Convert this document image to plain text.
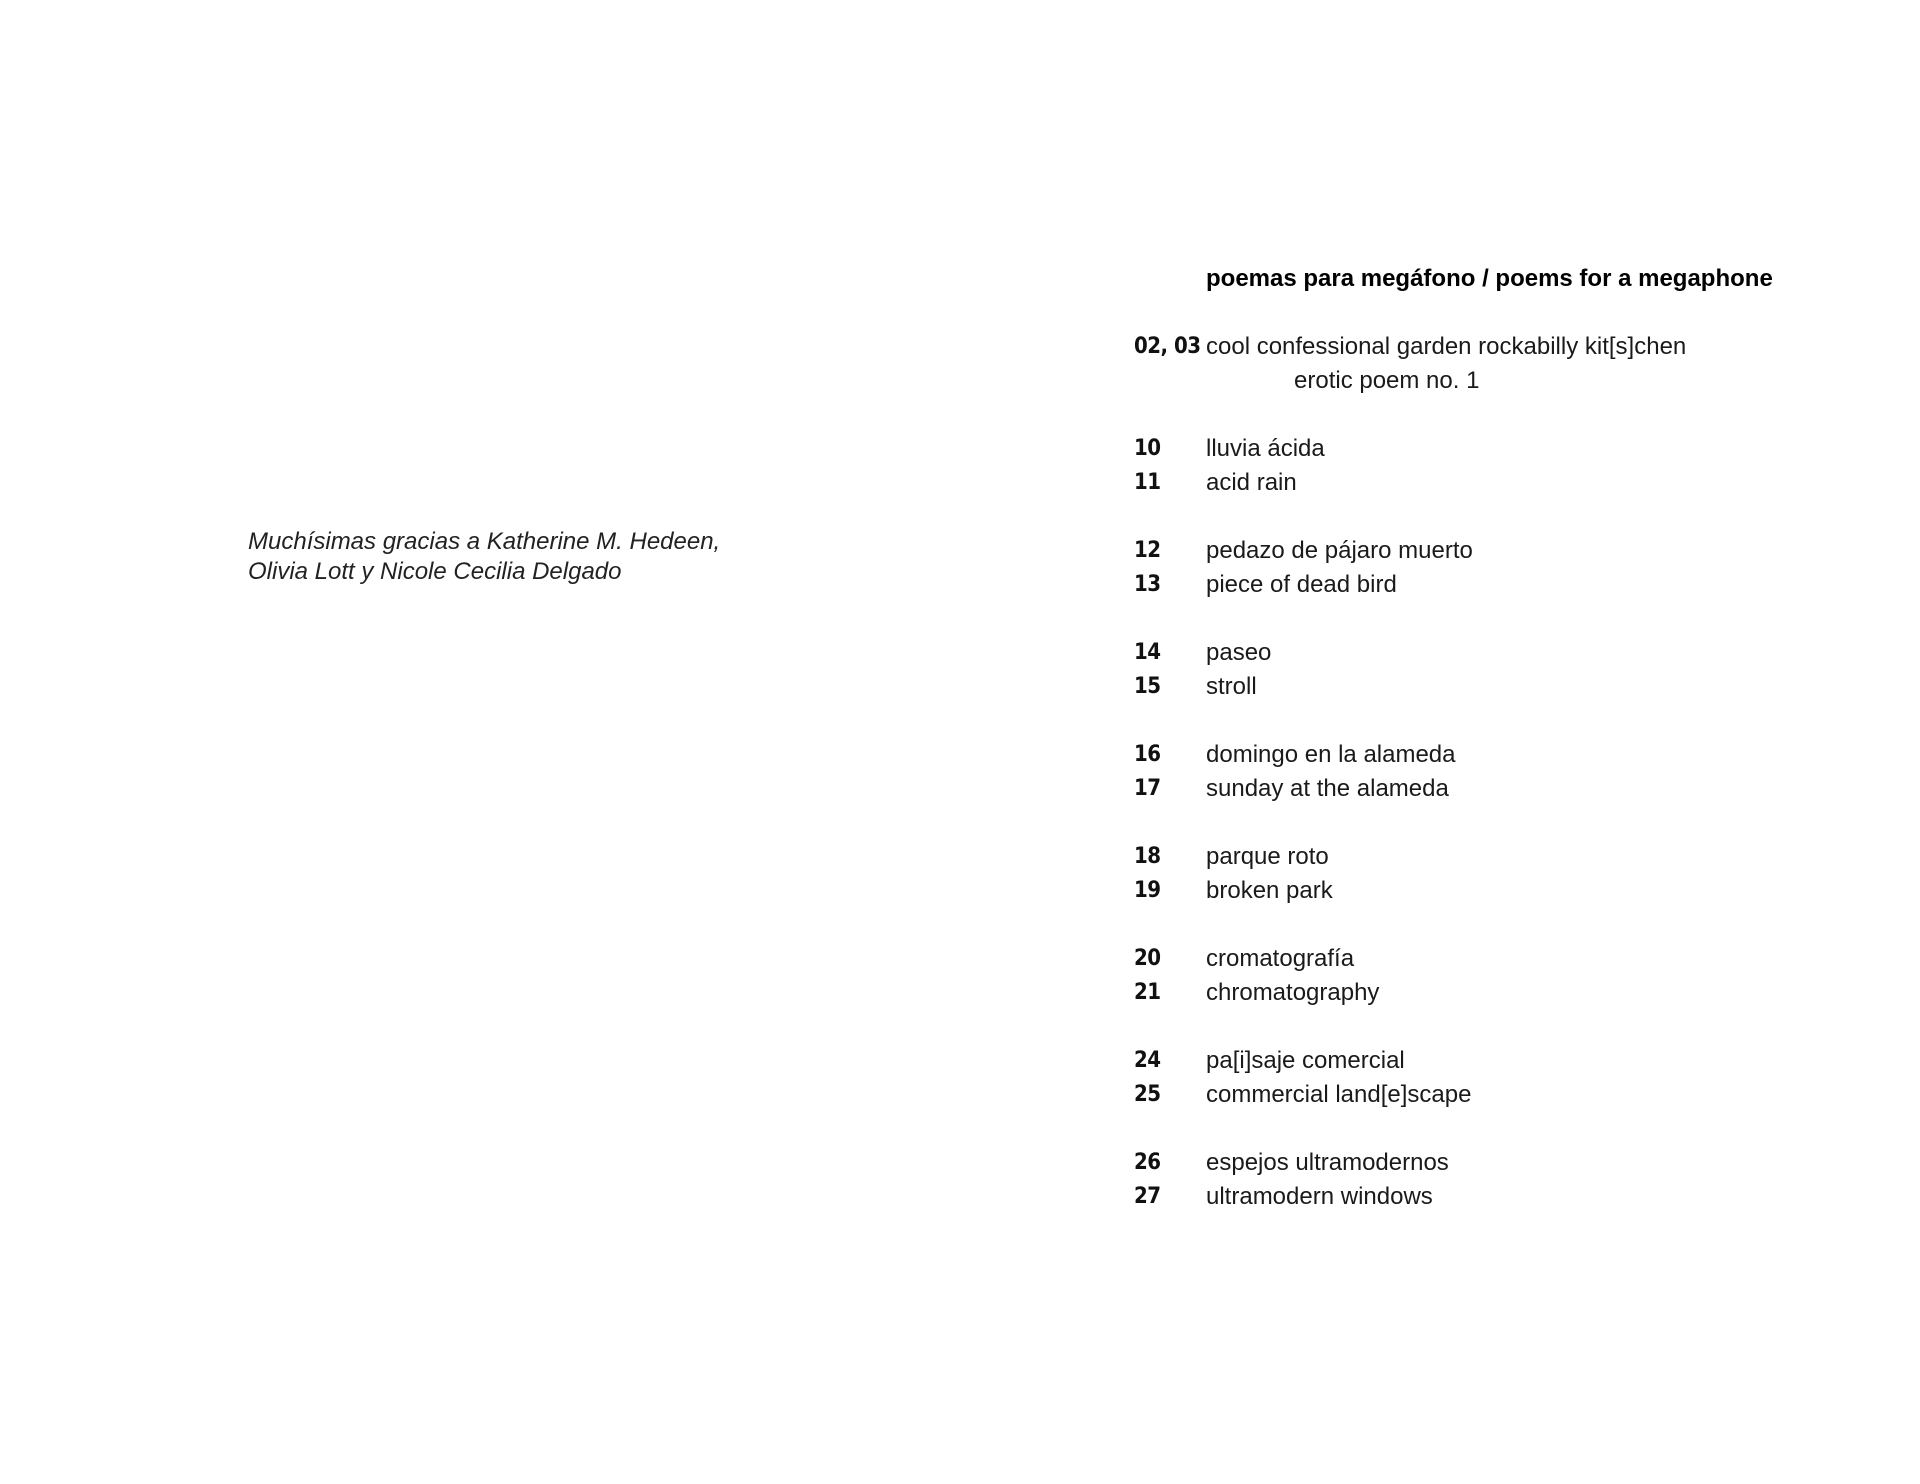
Muchísimas gracias a Katherine M. Hedeen,
Olivia Lott y Nicole Cecilia Delgado
poemas para megáfono / poems for a megaphone
02, 03 cool confessional garden rockabilly kit[s]chen
erotic poem no. 1
10 lluvia ácida
11 acid rain
12 pedazo de pájaro muerto
13 piece of dead bird
14 paseo
15 stroll
16 domingo en la alameda
17 sunday at the alameda
18 parque roto
19 broken park
20 cromatografía
21 chromatography
24 pa[i]saje comercial
25 commercial land[e]scape
26 espejos ultramodernos
27 ultramodern windows
